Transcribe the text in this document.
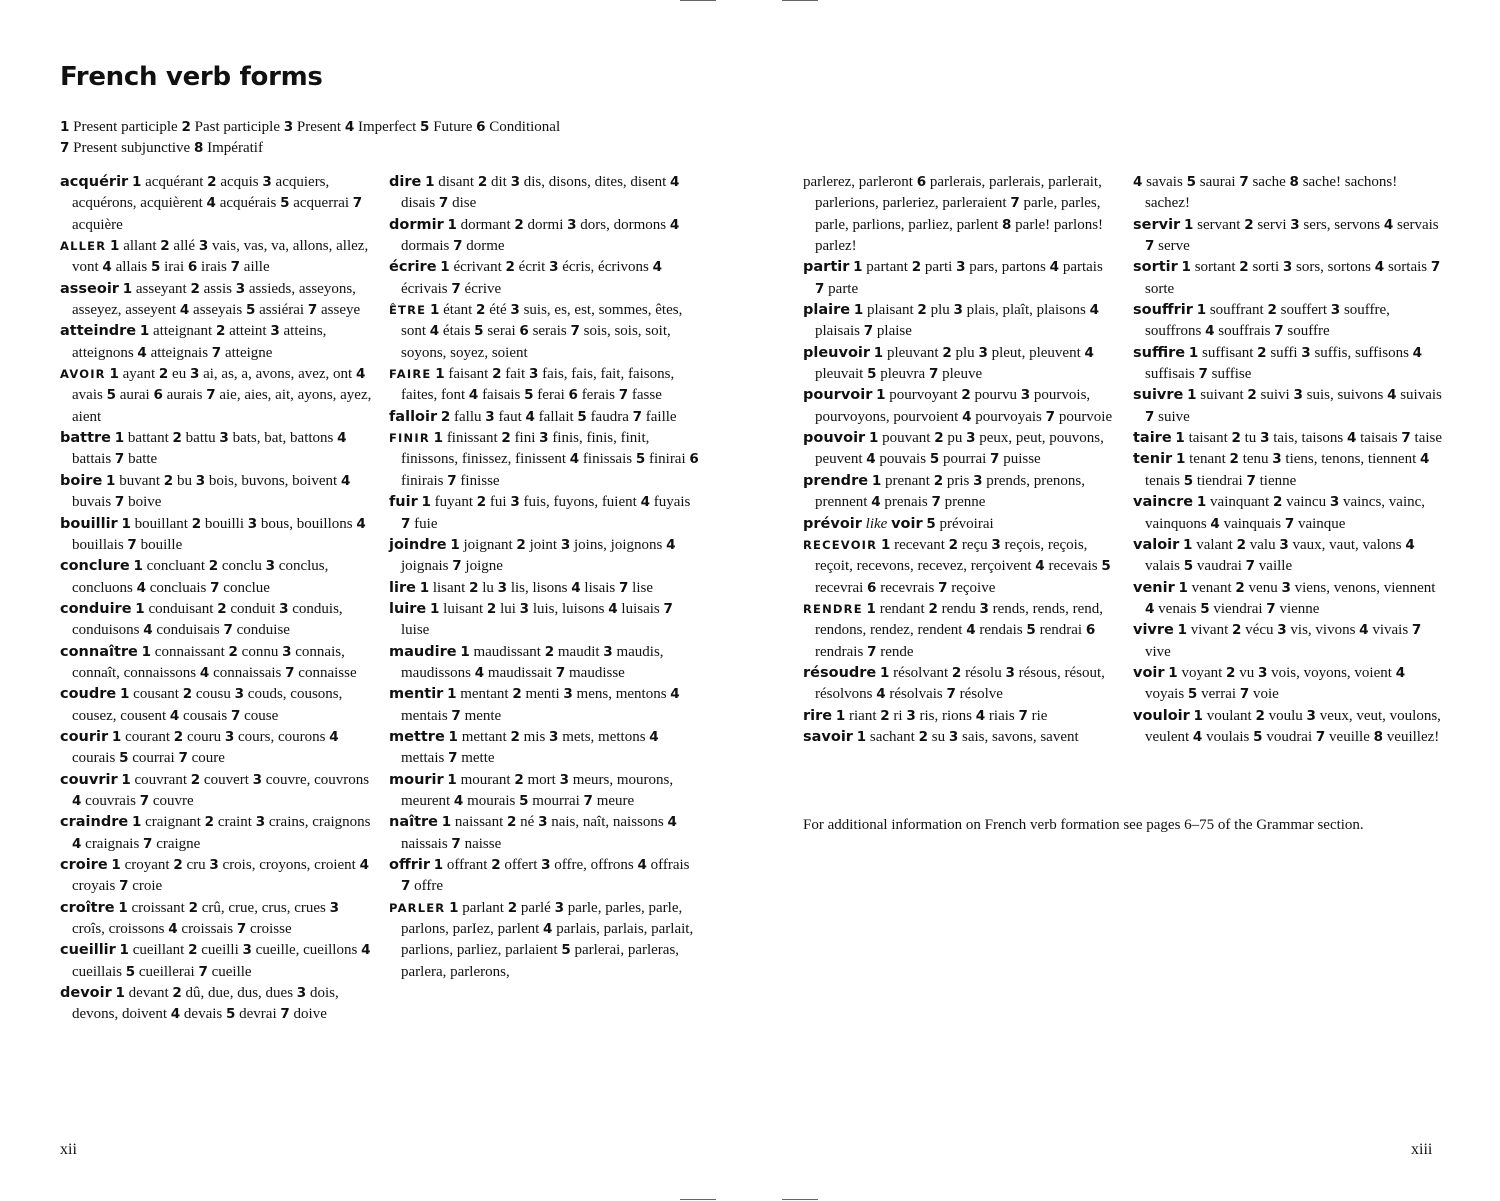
French verb forms
1 Present participle 2 Past participle 3 Present 4 Imperfect 5 Future 6 Conditional
7 Present subjunctive 8 Impératif
acquérir 1 acquérant 2 acquis 3 acquiers, acquérons, acquièrent 4 acquérais 5 acquerrai 7 acquière
ALLER 1 allant 2 allé 3 vais, vas, va, allons, allez, vont 4 allais 5 irai 6 irais 7 aille
asseoir 1 asseyant 2 assis 3 assieds, asseyons, asseyez, asseyent 4 asseyais 5 assiérai 7 asseye
atteindre 1 atteignant 2 atteint 3 atteins, atteignons 4 atteignais 7 atteigne
AVOIR 1 ayant 2 eu 3 ai, as, a, avons, avez, ont 4 avais 5 aurai 6 aurais 7 aie, aies, ait, ayons, ayez, aient
battre 1 battant 2 battu 3 bats, bat, battons 4 battais 7 batte
boire 1 buvant 2 bu 3 bois, buvons, boivent 4 buvais 7 boive
bouillir 1 bouillant 2 bouilli 3 bous, bouillons 4 bouillais 7 bouille
conclure 1 concluant 2 conclu 3 conclus, concluons 4 concluais 7 conclue
conduire 1 conduisant 2 conduit 3 conduis, conduisons 4 conduisais 7 conduise
connaître 1 connaissant 2 connu 3 connais, connaît, connaissons 4 connaissais 7 connaisse
coudre 1 cousant 2 cousu 3 couds, cousons, cousez, cousent 4 cousais 7 couse
courir 1 courant 2 couru 3 cours, courons 4 courais 5 courrai 7 coure
couvrir 1 couvrant 2 couvert 3 couvre, couvrons 4 couvrais 7 couvre
craindre 1 craignant 2 craint 3 crains, craignons 4 craignais 7 craigne
croire 1 croyant 2 cru 3 crois, croyons, croient 4 croyais 7 croie
croître 1 croissant 2 crû, crue, crus, crues 3 croîs, croissons 4 croissais 7 croisse
cueillir 1 cueillant 2 cueilli 3 cueille, cueillons 4 cueillais 5 cueillerai 7 cueille
devoir 1 devant 2 dû, due, dus, dues 3 dois, devons, doivent 4 devais 5 devrai 7 doive
dire 1 disant 2 dit 3 dis, disons, dites, disent 4 disais 7 dise
dormir 1 dormant 2 dormi 3 dors, dormons 4 dormais 7 dorme
écrire 1 écrivant 2 écrit 3 écris, écrivons 4 écrivais 7 écrive
ÊTRE 1 étant 2 été 3 suis, es, est, sommes, êtes, sont 4 étais 5 serai 6 serais 7 sois, sois, soit, soyons, soyez, soient
FAIRE 1 faisant 2 fait 3 fais, fais, fait, faisons, faites, font 4 faisais 5 ferai 6 ferais 7 fasse
falloir 2 fallu 3 faut 4 fallait 5 faudra 7 faille
FINIR 1 finissant 2 fini 3 finis, finis, finit, finissons, finissez, finissent 4 finissais 5 finirai 6 finirais 7 finisse
fuir 1 fuyant 2 fui 3 fuis, fuyons, fuient 4 fuyais 7 fuie
joindre 1 joignant 2 joint 3 joins, joignons 4 joignais 7 joigne
lire 1 lisant 2 lu 3 lis, lisons 4 lisais 7 lise
luire 1 luisant 2 lui 3 luis, luisons 4 luisais 7 luise
maudire 1 maudissant 2 maudit 3 maudis, maudissons 4 maudissait 7 maudisse
mentir 1 mentant 2 menti 3 mens, mentons 4 mentais 7 mente
mettre 1 mettant 2 mis 3 mets, mettons 4 mettais 7 mette
mourir 1 mourant 2 mort 3 meurs, mourons, meurent 4 mourais 5 mourrai 7 meure
naître 1 naissant 2 né 3 nais, naît, naissons 4 naissais 7 naisse
offrir 1 offrant 2 offert 3 offre, offrons 4 offrais 7 offre
PARLER 1 parlant 2 parlé 3 parle, parles, parle, parlons, parIez, parlent 4 parlais, parlais, parlait, parlions, parliez, parlaient 5 parlerai, parleras, parlera, parlerons,
parlerez, parleront 6 parlerais, parlerais, parlerait, parlerions, parleriez, parleraient 7 parle, parles, parle, parlions, parliez, parlent 8 parle! parlons! parlez!
partir 1 partant 2 parti 3 pars, partons 4 partais 7 parte
plaire 1 plaisant 2 plu 3 plais, plaît, plaisons 4 plaisais 7 plaise
pleuvoir 1 pleuvant 2 plu 3 pleut, pleuvent 4 pleuvait 5 pleuvra 7 pleuve
pourvoir 1 pourvoyant 2 pourvu 3 pourvois, pourvoyons, pourvoient 4 pourvoyais 7 pourvoie
pouvoir 1 pouvant 2 pu 3 peux, peut, pouvons, peuvent 4 pouvais 5 pourrai 7 puisse
prendre 1 prenant 2 pris 3 prends, prenons, prennent 4 prenais 7 prenne
prévoir like voir 5 prévoirai
RECEVOIR 1 recevant 2 reçu 3 reçois, reçois, reçoit, recevons, recevez, rerçoivent 4 recevais 5 recevrai 6 recevrais 7 reçoive
RENDRE 1 rendant 2 rendu 3 rends, rends, rend, rendons, rendez, rendent 4 rendais 5 rendrai 6 rendrais 7 rende
résoudre 1 résolvant 2 résolu 3 résous, résout, résolvons 4 résolvais 7 résolve
rire 1 riant 2 ri 3 ris, rions 4 riais 7 rie
savoir 1 sachant 2 su 3 sais, savons, savent
4 savais 5 saurai 7 sache 8 sache! sachons! sachez!
servir 1 servant 2 servi 3 sers, servons 4 servais 7 serve
sortir 1 sortant 2 sorti 3 sors, sortons 4 sortais 7 sorte
souffrir 1 souffrant 2 souffert 3 souffre, souffrons 4 souffrais 7 souffre
suffire 1 suffisant 2 suffi 3 suffis, suffisons 4 suffisais 7 suffise
suivre 1 suivant 2 suivi 3 suis, suivons 4 suivais 7 suive
taire 1 taisant 2 tu 3 tais, taisons 4 taisais 7 taise
tenir 1 tenant 2 tenu 3 tiens, tenons, tiennent 4 tenais 5 tiendrai 7 tienne
vaincre 1 vainquant 2 vaincu 3 vaincs, vainc, vainquons 4 vainquais 7 vainque
valoir 1 valant 2 valu 3 vaux, vaut, valons 4 valais 5 vaudrai 7 vaille
venir 1 venant 2 venu 3 viens, venons, viennent 4 venais 5 viendrai 7 vienne
vivre 1 vivant 2 vécu 3 vis, vivons 4 vivais 7 vive
voir 1 voyant 2 vu 3 vois, voyons, voient 4 voyais 5 verrai 7 voie
vouloir 1 voulant 2 voulu 3 veux, veut, voulons, veulent 4 voulais 5 voudrai 7 veuille 8 veuillez!
For additional information on French verb formation see pages 6–75 of the Grammar section.
xii	xiii
